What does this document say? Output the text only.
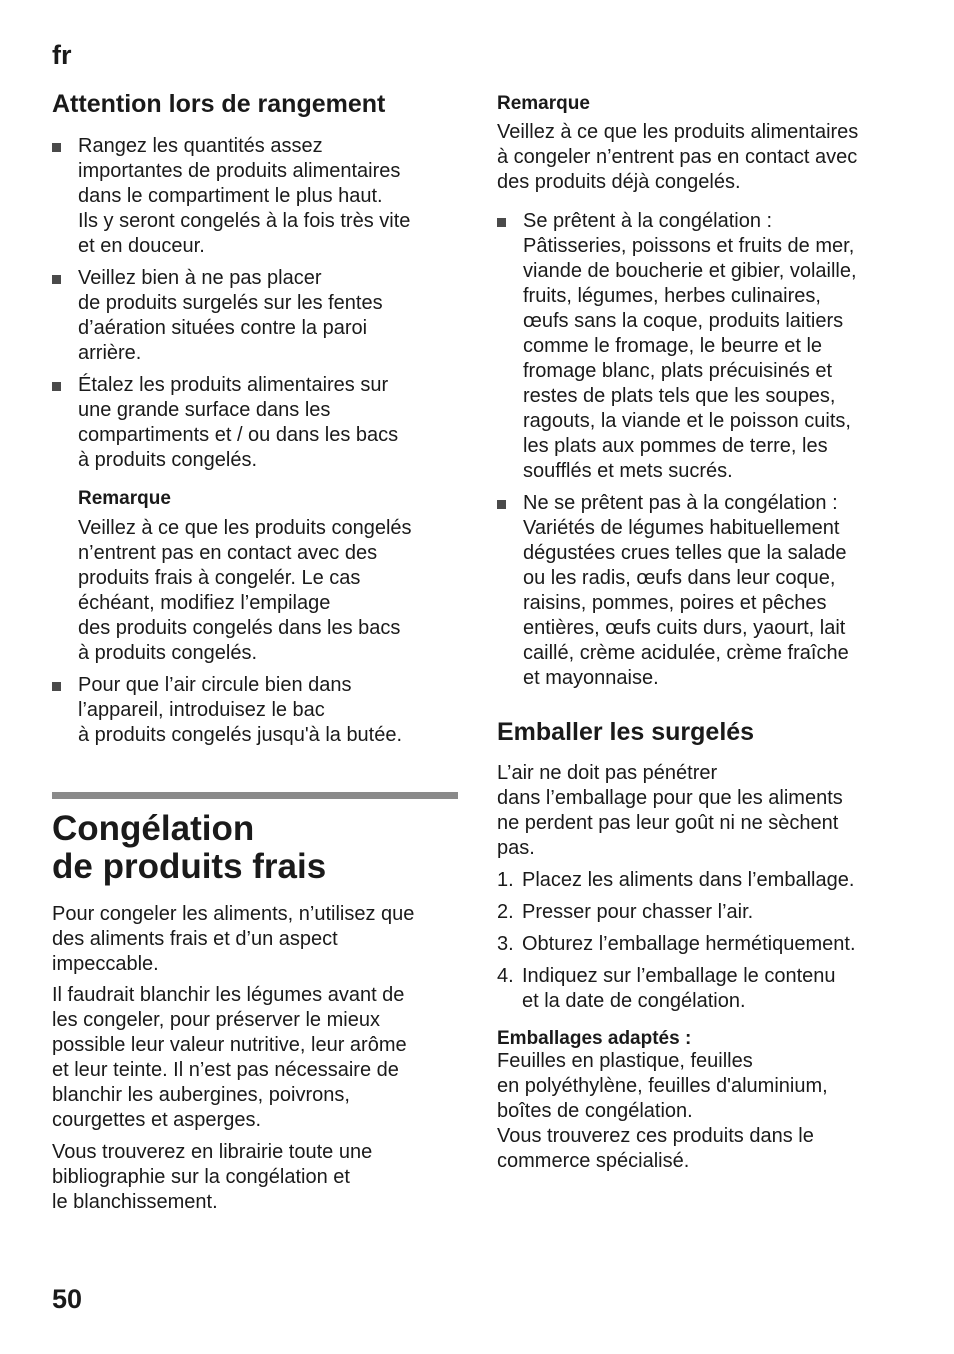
fr
Attention lors de rangement
Rangez les quantités assez
importantes de produits alimentaires
dans le compartiment le plus haut.
Ils y seront congelés à la fois très vite
et en douceur.
Veillez bien à ne pas placer
de produits surgelés sur les fentes
d’aération situées contre la paroi
arrière.
Étalez les produits alimentaires sur
une grande surface dans les
compartiments et / ou dans les bacs
à produits congelés.
Remarque
Veillez à ce que les produits congelés
n’entrent pas en contact avec des
produits frais à congelér. Le cas
échéant, modifiez l’empilage
des produits congelés dans les bacs
à produits congelés.
Pour que l’air circule bien dans
l’appareil, introduisez le bac
à produits congelés jusqu'à la butée.
Congélation
de produits frais
Pour congeler les aliments, n’utilisez que
des aliments frais et d’un aspect
impeccable.
Il faudrait blanchir les légumes avant de
les congeler, pour préserver le mieux
possible leur valeur nutritive, leur arôme
et leur teinte. Il n’est pas nécessaire de
blanchir les aubergines, poivrons,
courgettes et asperges.
Vous trouverez en librairie toute une
bibliographie sur la congélation et
le blanchissement.
Remarque
Veillez à ce que les produits alimentaires
à congeler n’entrent pas en contact avec
des produits déjà congelés.
Se prêtent à la congélation :
Pâtisseries, poissons et fruits de mer,
viande de boucherie et gibier, volaille,
fruits, légumes, herbes culinaires,
œufs sans la coque, produits laitiers
comme le fromage, le beurre et le
fromage blanc, plats précuisinés et
restes de plats tels que les soupes,
ragouts, la viande et le poisson cuits,
les plats aux pommes de terre, les
soufflés et mets sucrés.
Ne se prêtent pas à la congélation :
Variétés de légumes habituellement
dégustées crues telles que la salade
ou les radis, œufs dans leur coque,
raisins, pommes, poires et pêches
entières, œufs cuits durs, yaourt, lait
caillé, crème acidulée, crème fraîche
et mayonnaise.
Emballer les surgelés
L’air ne doit pas pénétrer
dans l’emballage pour que les aliments
ne perdent pas leur goût ni ne sèchent
pas.
1. Placez les aliments dans l’emballage.
2. Presser pour chasser l’air.
3. Obturez l’emballage hermétiquement.
4. Indiquez sur l’emballage le contenu
et la date de congélation.
Emballages adaptés :
Feuilles en plastique, feuilles
en polyéthylène, feuilles d'aluminium,
boîtes de congélation.
Vous trouverez ces produits dans le
commerce spécialisé.
50
